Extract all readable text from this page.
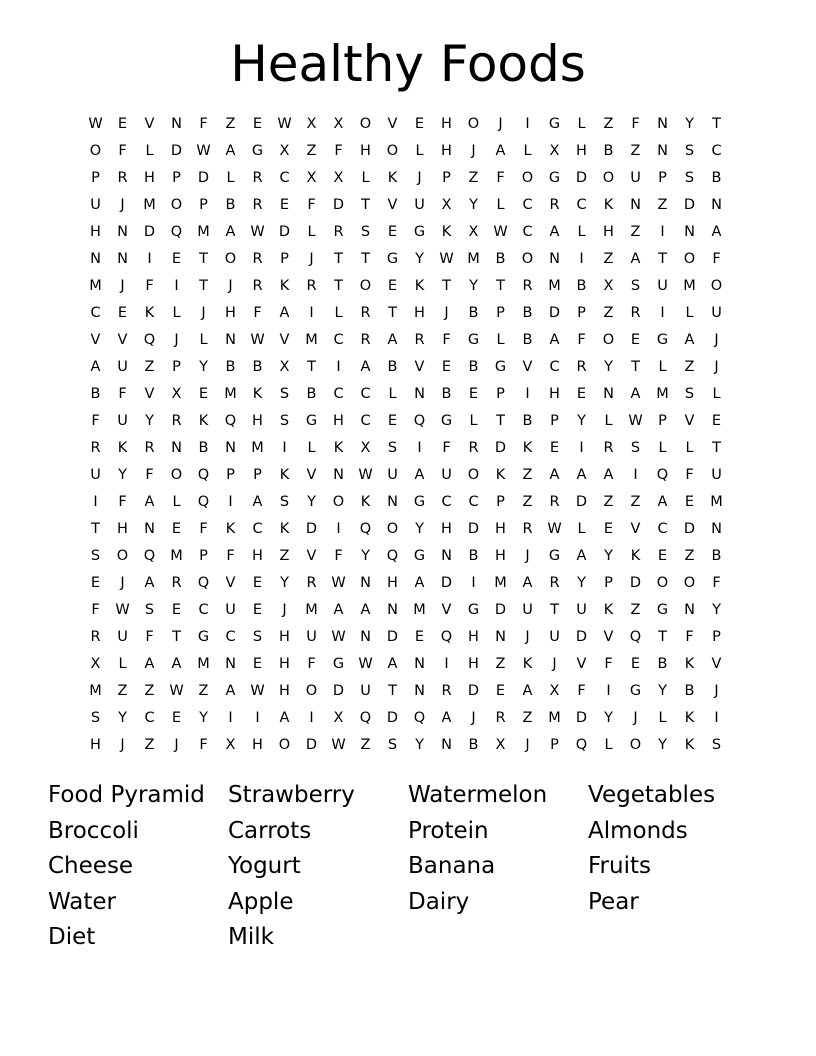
Healthy Foods
W	E	V	N	F	Z	E	W	X	X	O	V	E	H	O	J	I	G	L	Z	F	N	Y	T
O	F	L	D W	A	G	X	Z	F	H	O	L	H	J	A	L	X	H	B	Z	N	S	C
P	R	H	P	D	L	R	C	X	X	L	K	J	P	Z	F	O	G	D	O	U	P	S	B
U	J	M	O	P	B	R	E	F	D	T	V	U	X	Y	L	C	R	C	K	N	Z	D	N
H	N	D	Q	M	A	W D	L	R	S	E	G	K	X	W	C	A	L	H	Z	I	N	A
N	N	I	E	T	O	R	P	J	T	T	G	Y	W M	B	O	N	I	Z	A	T	O	F
M	J	F	I	T	J	R	K	R	T	O	E	K	T	Y	T	R	M	B	X	S	U	M	O
C	E	K	L	J	H	F	A	I	L	R	T	H	J	B	P	B	D	P	Z	R	I	L	U
V	V	Q	J	L	N W	V	M	C	R	A	R	F	G	L	B	A	F	O	E	G	A	J
A	U	Z	P	Y	B	B	X	T	I	A	B	V	E	B	G	V	C	R	Y	T	L	Z	J
B	F	V	X	E	M	K	S	B	C	C	L	N	B	E	P	I	H	E	N	A	M	S	L
F	U	Y	R	K	Q	H	S	G	H	C	E	Q	G	L	T	B	P	Y	L	W	P	V	E
R	K	R	N	B	N	M	I	L	K	X	S	I	F	R	D	K	E	I	R	S	L	L	T
U	Y	F	O	Q	P	P	K	V	N W	U	A	U	O	K	Z	A	A	A	I	Q	F	U
I	F	A	L	Q	I	A	S	Y	O	K	N	G	C	C	P	Z	R	D	Z	Z	A	E	M
T	H	N	E	F	K	C	K	D	I	Q	O	Y	H	D	H	R	W	L	E	V	C	D	N
S	O	Q	M	P	F	H	Z	V	F	Y	Q	G	N	B	H	J	G	A	Y	K	E	Z	B
E	J	A	R	Q	V	E	Y	R	W N	H	A	D	I	M	A	R	Y	P	D	O	O	F
F	W	S	E	C	U	E	J	M	A	A	N	M	V	G	D	U	T	U	K	Z	G	N	Y
R	U	F	T	G	C	S	H	U	W N	D	E	Q	H	N	J	U	D	V	Q	T	F	P
X	L	A	A	M	N	E	H	F	G W	A	N	I	H	Z	K	J	V	F	E	B	K	V
M	Z	Z	W	Z	A	W H	O	D	U	T	N	R	D	E	A	X	F	I	G	Y	B	J
S	Y	C	E	Y	I	I	A	I	X	Q	D	Q	A	J	R	Z	M	D	Y	J	L	K	I
H	J	Z	J	F	X	H	O	D W	Z	S	Y	N	B	X	J	P	Q	L	O	Y	K	S
Food Pyramid	Strawberry	Watermelon	Vegetables
Broccoli	Carrots	Protein	Almonds
Cheese	Yogurt	Banana	Fruits
Water	Apple	Dairy	Pear
Diet	Milk
